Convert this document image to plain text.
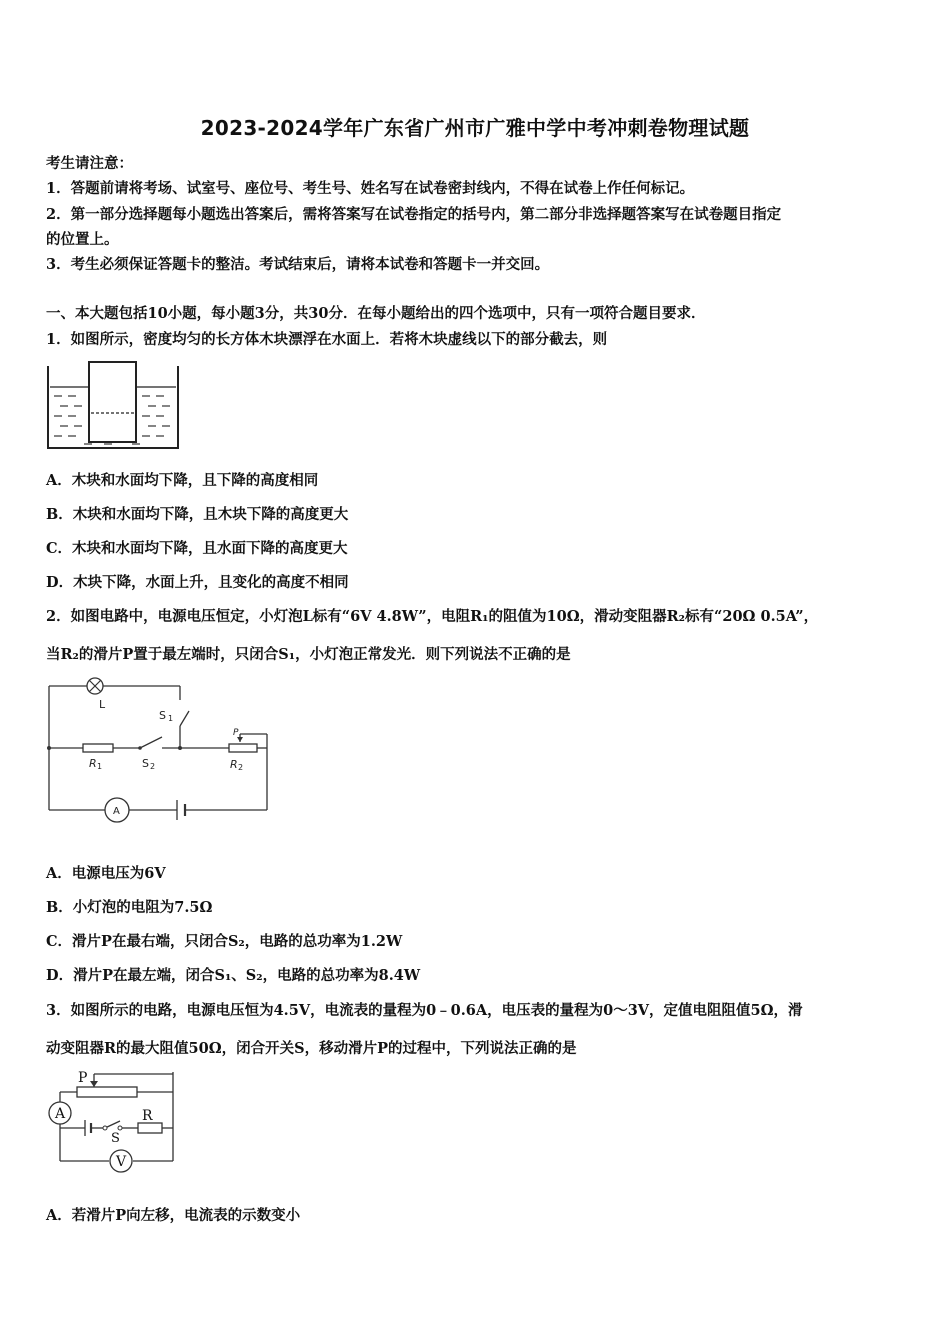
2023-2024学年广东省广州市广雅中学中考冲刺卷物理试题
考生请注意：
1．答题前请将考场、试室号、座位号、考生号、姓名写在试卷密封线内，不得在试卷上作任何标记。
2．第一部分选择题每小题选出答案后，需将答案写在试卷指定的括号内，第二部分非选择题答案写在试卷题目指定
的位置上。
3．考生必须保证答题卡的整洁。考试结束后，请将本试卷和答题卡一并交回。
一、本大题包括10小题，每小题3分，共30分．在每小题给出的四个选项中，只有一项符合题目要求．
1．如图所示，密度均匀的长方体木块漂浮在水面上．若将木块虚线以下的部分截去，则
A．木块和水面均下降，且下降的高度相同
B．木块和水面均下降，且木块下降的高度更大
C．木块和水面均下降，且水面下降的高度更大
D．木块下降，水面上升，且变化的高度不相同
2．如图电路中，电源电压恒定，小灯泡L标有“6V 4.8W”，电阻R₁的阻值为10Ω，滑动变阻器R₂标有“20Ω 0.5A”，
当R₂的滑片P置于最左端时，只闭合S₁，小灯泡正常发光．则下列说法不正确的是
L
S 1
R 1	S 2	R 2
P
A
A．电源电压为6V
B．小灯泡的电阻为7.5Ω
C．滑片P在最右端，只闭合S₂，电路的总功率为1.2W
D．滑片P在最左端，闭合S₁、S₂，电路的总功率为8.4W
3．如图所示的电路，电源电压恒为4.5V，电流表的量程为0﹣0.6A，电压表的量程为0～3V，定值电阻阻值5Ω，滑
动变阻器R的最大阻值50Ω，闭合开关S，移动滑片P的过程中，下列说法正确的是
P
A
S
R
V
A．若滑片P向左移，电流表的示数变小
